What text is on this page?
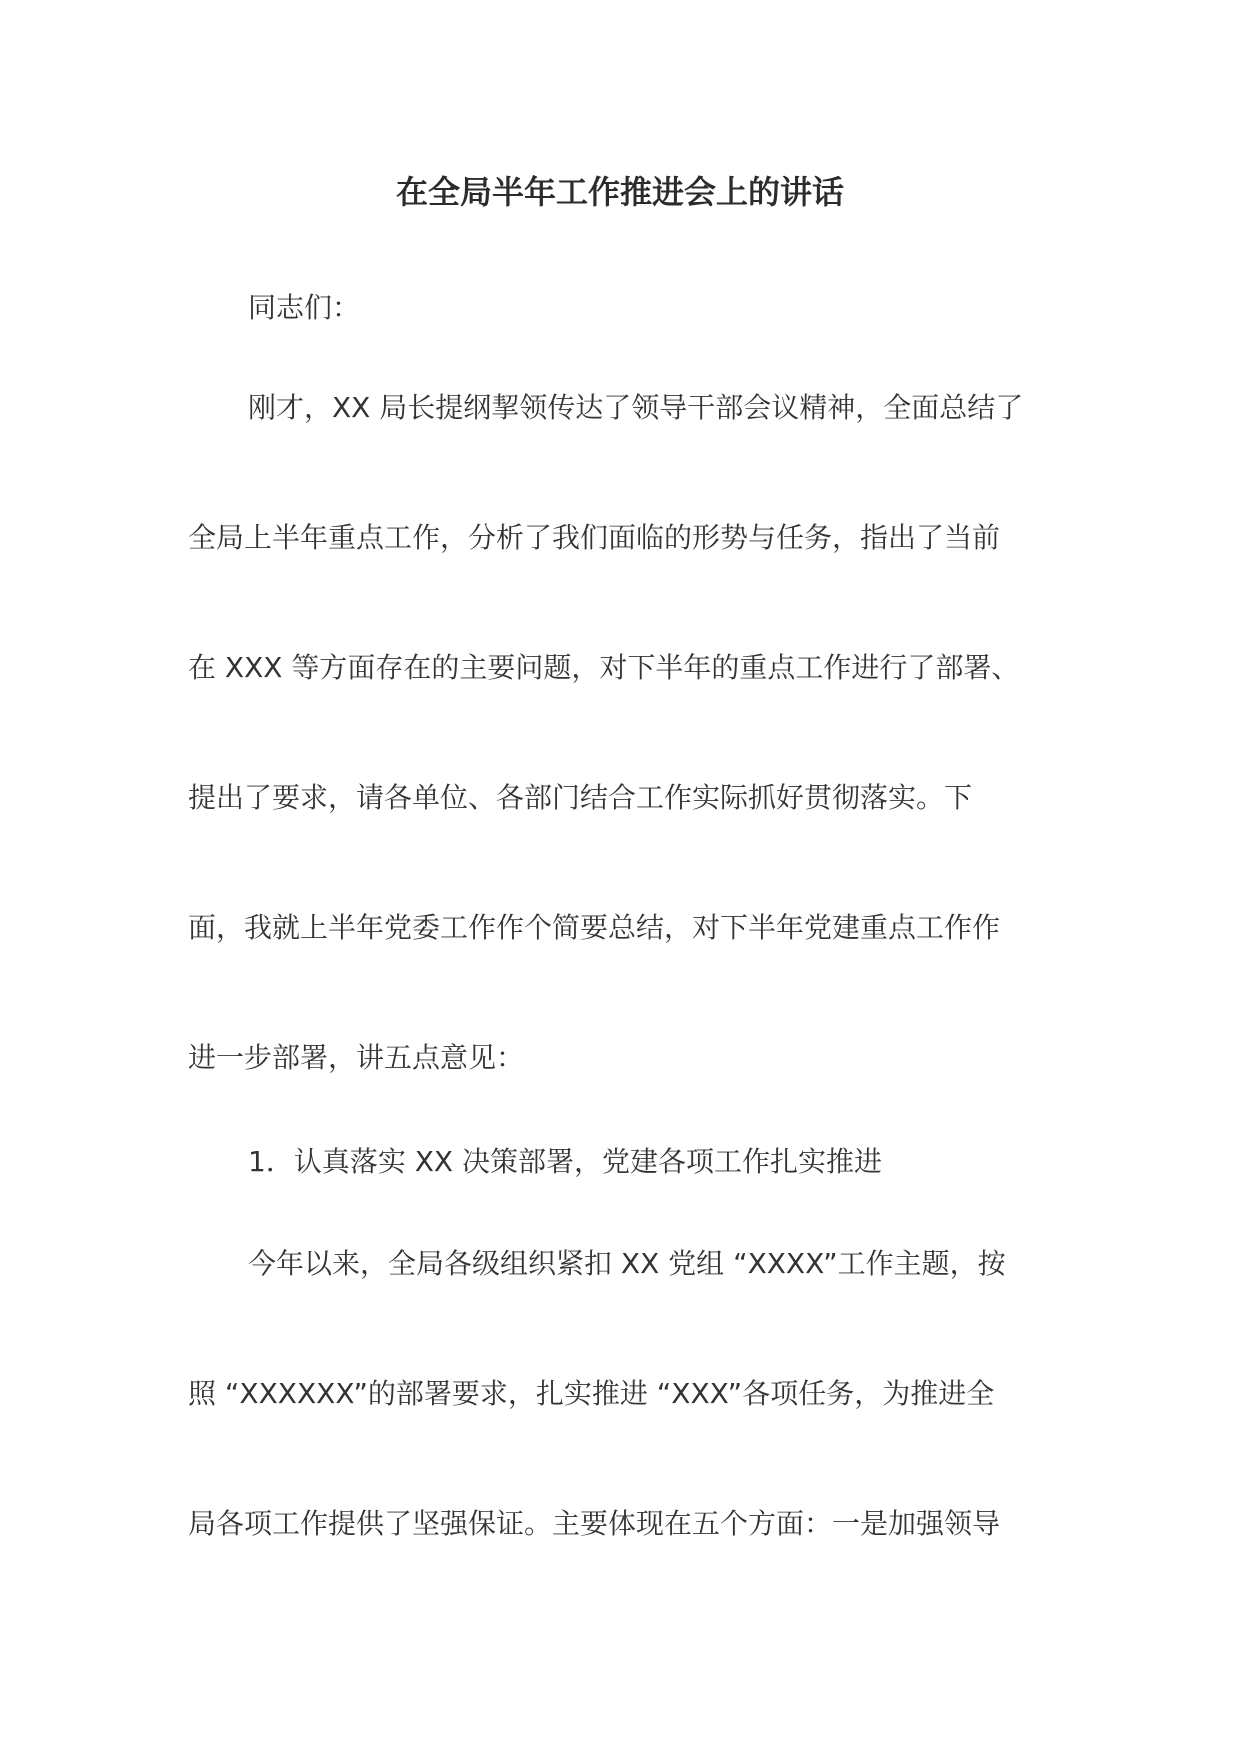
在全局半年工作推进会上的讲话
同志们：
刚才，XX 局长提纲挈领传达了领导干部会议精神，全面总结了
全局上半年重点工作，分析了我们面临的形势与任务，指出了当前
在 XXX 等方面存在的主要问题，对下半年的重点工作进行了部署、
提出了要求，请各单位、各部门结合工作实际抓好贯彻落实。下
面，我就上半年党委工作作个简要总结，对下半年党建重点工作作
进一步部署，讲五点意见：
1．认真落实 XX 决策部署，党建各项工作扎实推进
今年以来，全局各级组织紧扣 XX 党组 “XXXX”工作主题，按
照 “XXXXXX”的部署要求，扎实推进 “XXX”各项任务，为推进全
局各项工作提供了坚强保证。主要体现在五个方面：一是加强领导
